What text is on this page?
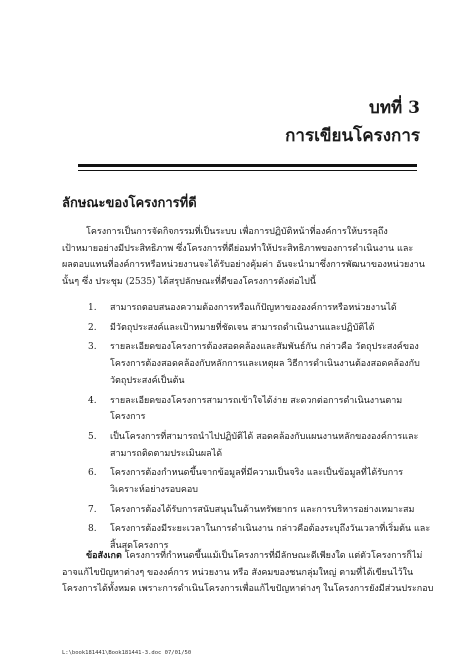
บทที่ 3
การเขียนโครงการ
ลักษณะของโครงการที่ดี

โครงการเป็นการจัดกิจกรรมที่เป็นระบบ เพื่อการปฏิบัติหน้าที่องค์การให้บรรลุถึง
เป้าหมายอย่างมีประสิทธิภาพ ซึ่งโครงการที่ดีย่อมทำให้ประสิทธิภาพของการดำเนินงาน และ
ผลตอบแทนที่องค์การหรือหน่วยงานจะได้รับอย่างคุ้มค่า อันจะนำมาซึ่งการพัฒนาของหน่วยงาน
นั้นๆ ซึ่ง ประชุม (2535) ได้สรุปลักษณะที่ดีของโครงการดังต่อไปนี้

1.	สามารถตอบสนองความต้องการหรือแก้ปัญหาขององค์การหรือหน่วยงานได้
2.	มีวัตถุประสงค์และเป้าหมายที่ชัดเจน สามารถดำเนินงานและปฏิบัติได้
3.	รายละเอียดของโครงการต้องสอดคล้องและสัมพันธ์กัน กล่าวคือ วัตถุประสงค์ของ
โครงการต้องสอดคล้องกับหลักการและเหตุผล วิธีการดำเนินงานต้องสอดคล้องกับ
วัตถุประสงค์เป็นต้น
4.	รายละเอียดของโครงการสามารถเข้าใจได้ง่าย สะดวกต่อการดำเนินงานตาม
โครงการ
5.	เป็นโครงการที่สามารถนำไปปฏิบัติได้ สอดคล้องกับแผนงานหลักขององค์การและ
สามารถติดตามประเมินผลได้
6.	โครงการต้องกำหนดขึ้นจากข้อมูลที่มีความเป็นจริง และเป็นข้อมูลที่ได้รับการ
วิเคราะห์อย่างรอบคอบ
7.	โครงการต้องได้รับการสนับสนุนในด้านทรัพยากร และการบริหารอย่างเหมาะสม
8.	โครงการต้องมีระยะเวลาในการดำเนินงาน กล่าวคือต้องระบุถึงวันเวลาที่เริ่มต้น และ
สิ้นสุดโครงการ

ข้อสังเกต โครงการที่กำหนดขึ้นแม้เป็นโครงการที่มีลักษณะดีเพียงใด แต่ตัวโครงการก็ไม่
อาจแก้ไขปัญหาต่างๆ ของงค์การ หน่วยงาน หรือ สังคมของชนกลุ่มใหญ่ ตามที่ได้เขียนไว้ใน
โครงการได้ทั้งหมด เพราะการดำเนินโครงการเพื่อแก้ไขปัญหาต่างๆ ในโครงการยังมีส่วนประกอบ

L:\book181441\Book181441-3.doc 07/01/50
